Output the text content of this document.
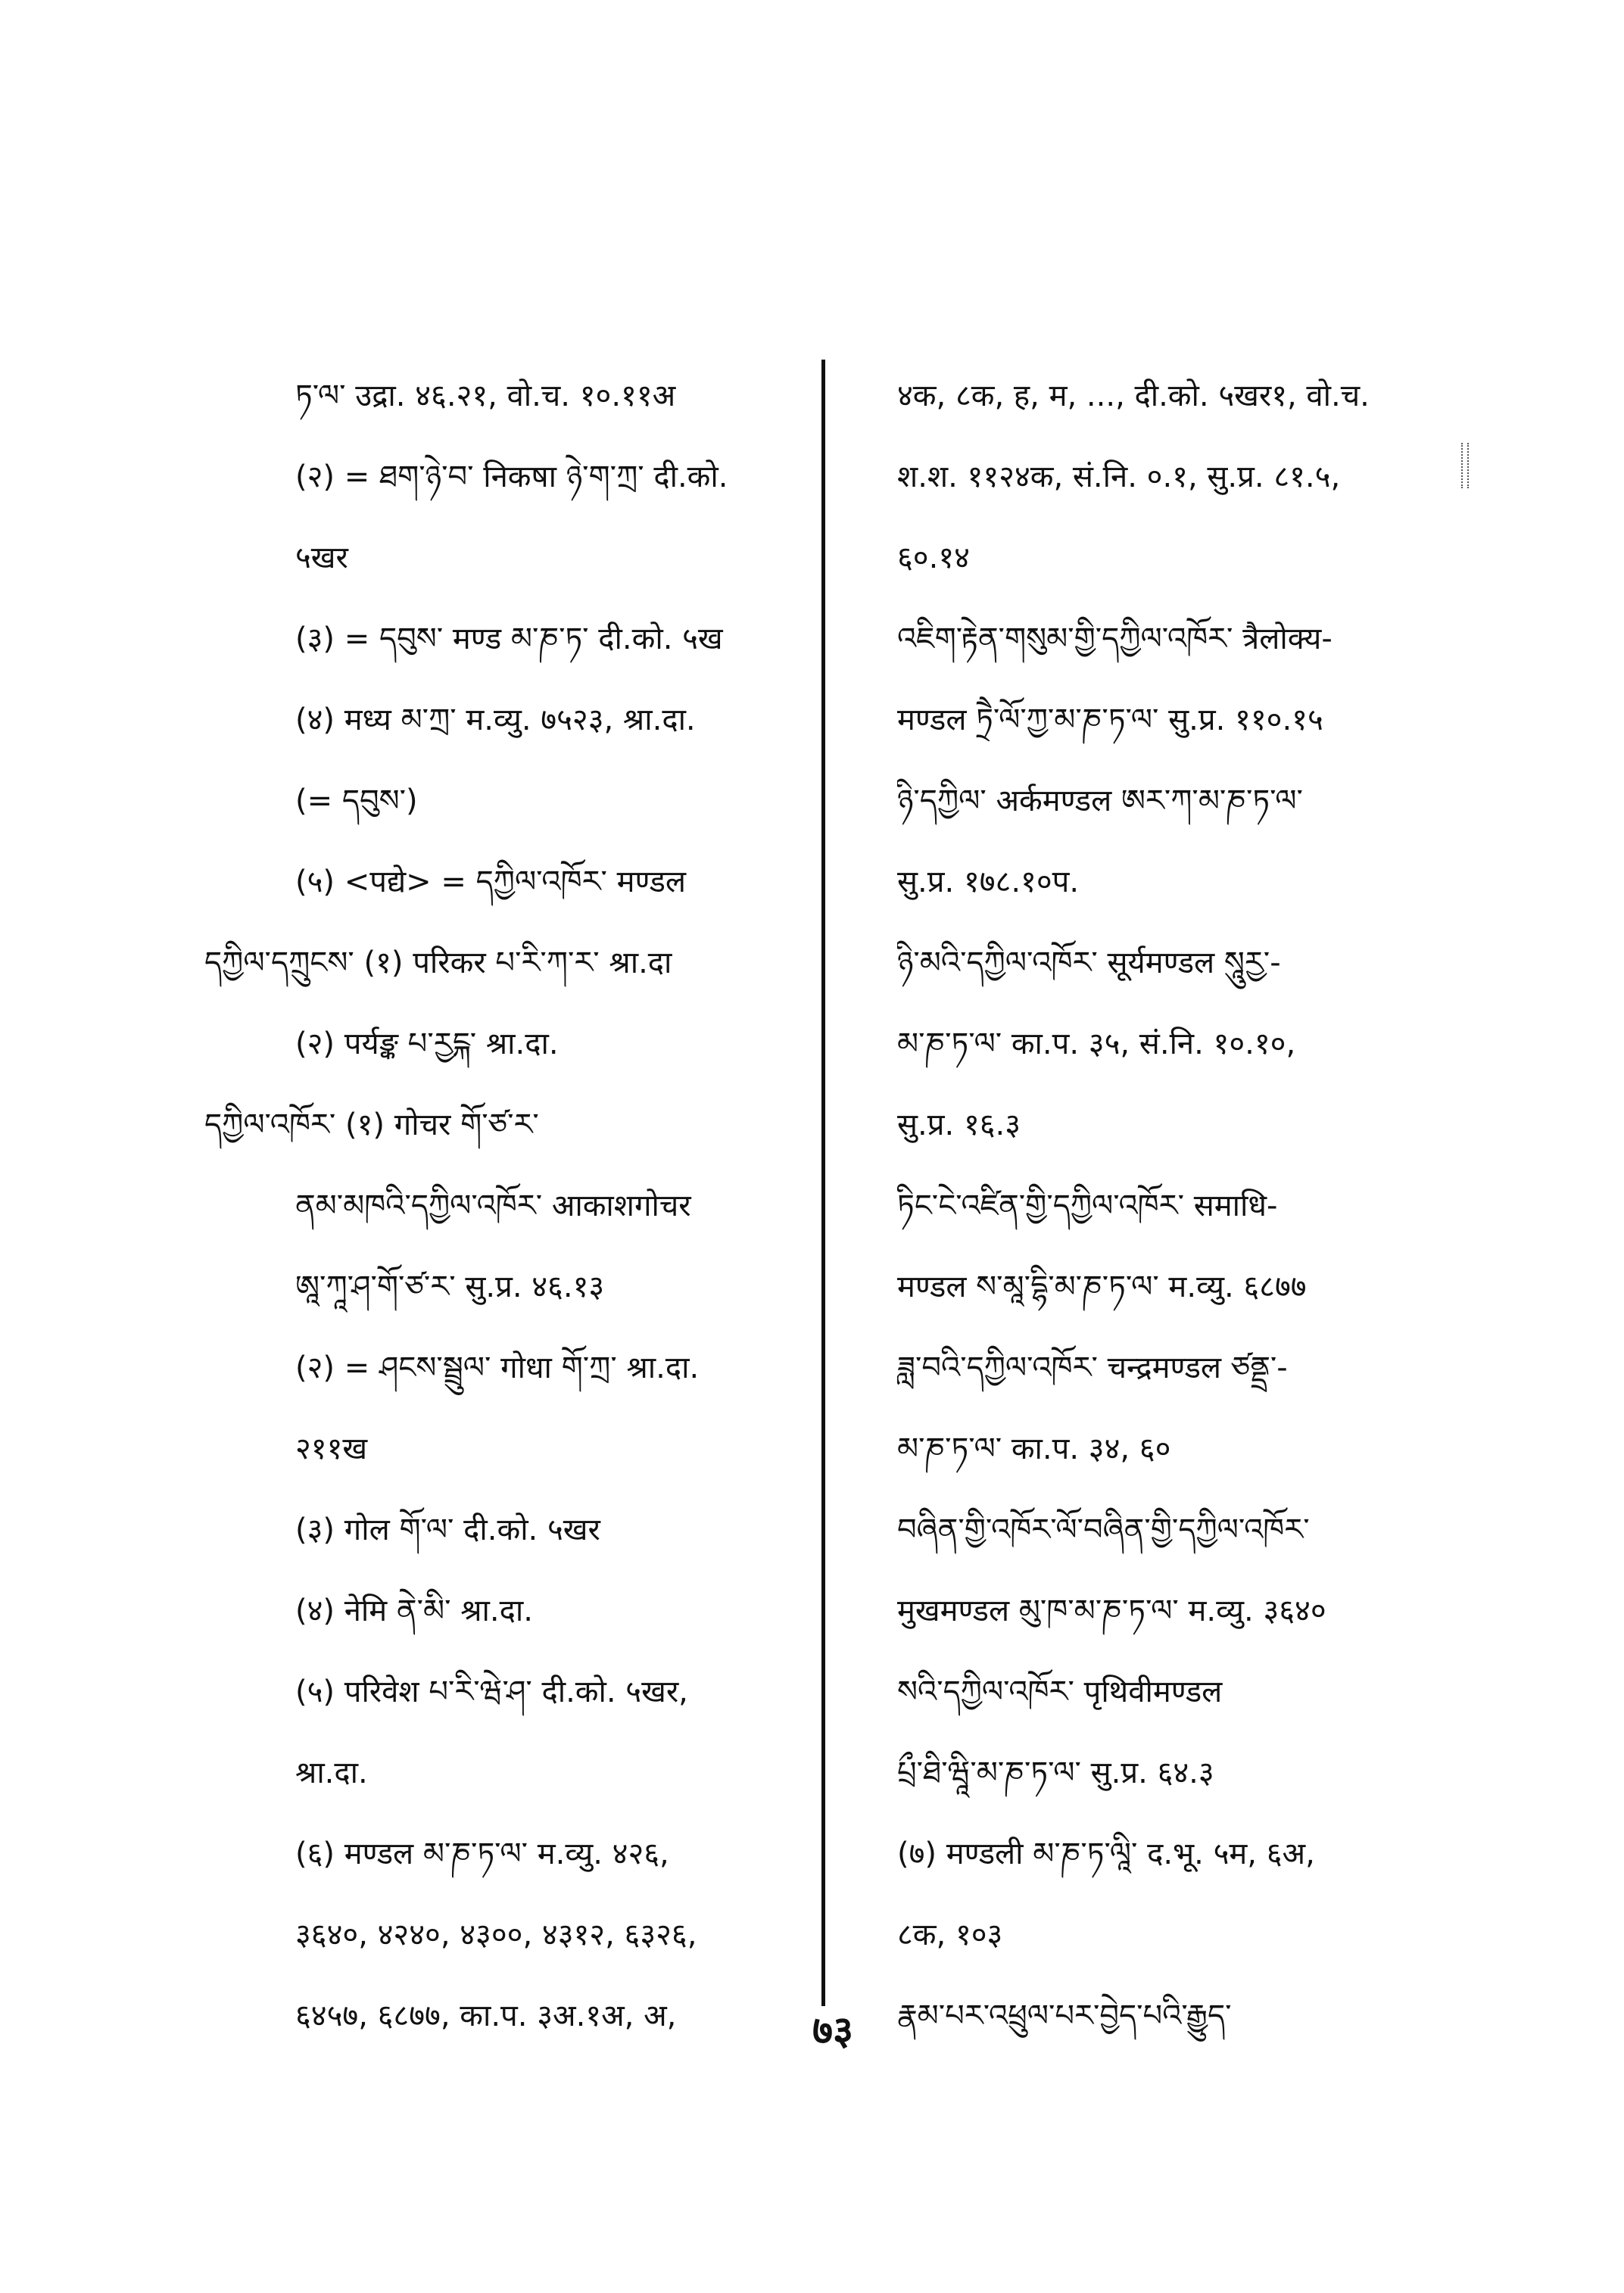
ཏ་ལ་ उद्रा. ४६.२१, वो.च. १०.११अ
(२) = ཐག་ཉེ་བ་ निकषा ཉེ་ག་ཀྲ་ दी.को.
५खर
(३) = དབུས་ मण्ड མ་ཎ་ཏ་ दी.को. ५ख
(४) मध्य མ་ཀྲ་ म.व्यु. ७५२३, श्रा.दा.
(= དབུས་)
(५) <पद्ये> = དཀྱིལ་འཁོར་ मण्डल
དཀྱིལ་དཀྲུངས་ (१) परिकर པ་རི་ཀ་ར་ श्रा.दा
(२) पर्यङ्क པ་རྱངྐ་ श्रा.दा.
དཀྱིལ་འཁོར་ (१) गोचर གོ་ཙ་ར་
ནམ་མཁའི་དཀྱིལ་འཁོར་ आकाशगोचर
ཨཱ་ཀཱ་ཤ་གོ་ཙ་ར་ सु.प्र. ४६.१३
(२) = ཤངས་སྦྲུལ་ गोधा གོ་ཀྲ་ श्रा.दा.
२११ख
(३) गोल གོ་ལ་ दी.को. ५खर
(४) नेमि ནེ་མི་ श्रा.दा.
(५) परिवेश པ་རི་ཝེ་ཤ་ दी.को. ५खर,
श्रा.दा.
(६) मण्डल མ་ཎ་ཏ་ལ་ म.व्यु. ४२६,
३६४०, ४२४०, ४३००, ४३१२, ६३२६,
६४५७, ६८७७, का.प. ३अ.१अ, अ,
४क, ८क, ह, म, ..., दी.को. ५खर१, वो.च.
श.श. ११२४क, सं.नि. ०.१, सु.प्र. ८१.५,
६०.१४
འཇིག་རྟེན་གསུམ་གྱི་དཀྱིལ་འཁོར་ त्रैलोक्य-
मण्डल ཏྲཻ་ལོ་ཀྱ་མ་ཎ་ཏ་ལ་ सु.प्र. ११०.१५
ཉི་དཀྱིལ་ अर्कमण्डल ཨར་ཀ་མ་ཎ་ཏ་ལ་
सु.प्र. १७८.१०प.
ཉི་མའི་དཀྱིལ་འཁོར་ सूर्यमण्डल སཱུརྱ་-
མ་ཎ་ཏ་ལ་ का.प. ३५, सं.नि. १०.१०,
सु.प्र. १६.३
ཏིང་ངེ་འཛིན་གྱི་དཀྱིལ་འཁོར་ समाधि-
मण्डल ས་མཱ་དྷི་མ་ཎ་ཏ་ལ་ म.व्यु. ६८७७
ཟླ་བའི་དཀྱིལ་འཁོར་ चन्द्रमण्डल ཙནྡྲ་-
མ་ཎ་ཏ་ལ་ का.प. ३४, ६०
བཞིན་གྱི་འཁོར་ལོ་བཞིན་གྱི་དཀྱིལ་འཁོར་
मुखमण्डल མུ་ཁ་མ་ཎ་ཏ་ལ་ म.व्यु. ३६४०
སའི་དཀྱིལ་འཁོར་ पृथिवीमण्डल
པྲྀ་ཐི་ཝཱི་མ་ཎ་ཏ་ལ་ सु.प्र. ६४.३
(७) मण्डली མ་ཎ་ཏ་ལཱི་ द.भू. ५म, ६अ,
८क, १०३
རྣམ་པར་འཕྲུལ་པར་བྱེད་པའི་རྒྱུད་
७३
